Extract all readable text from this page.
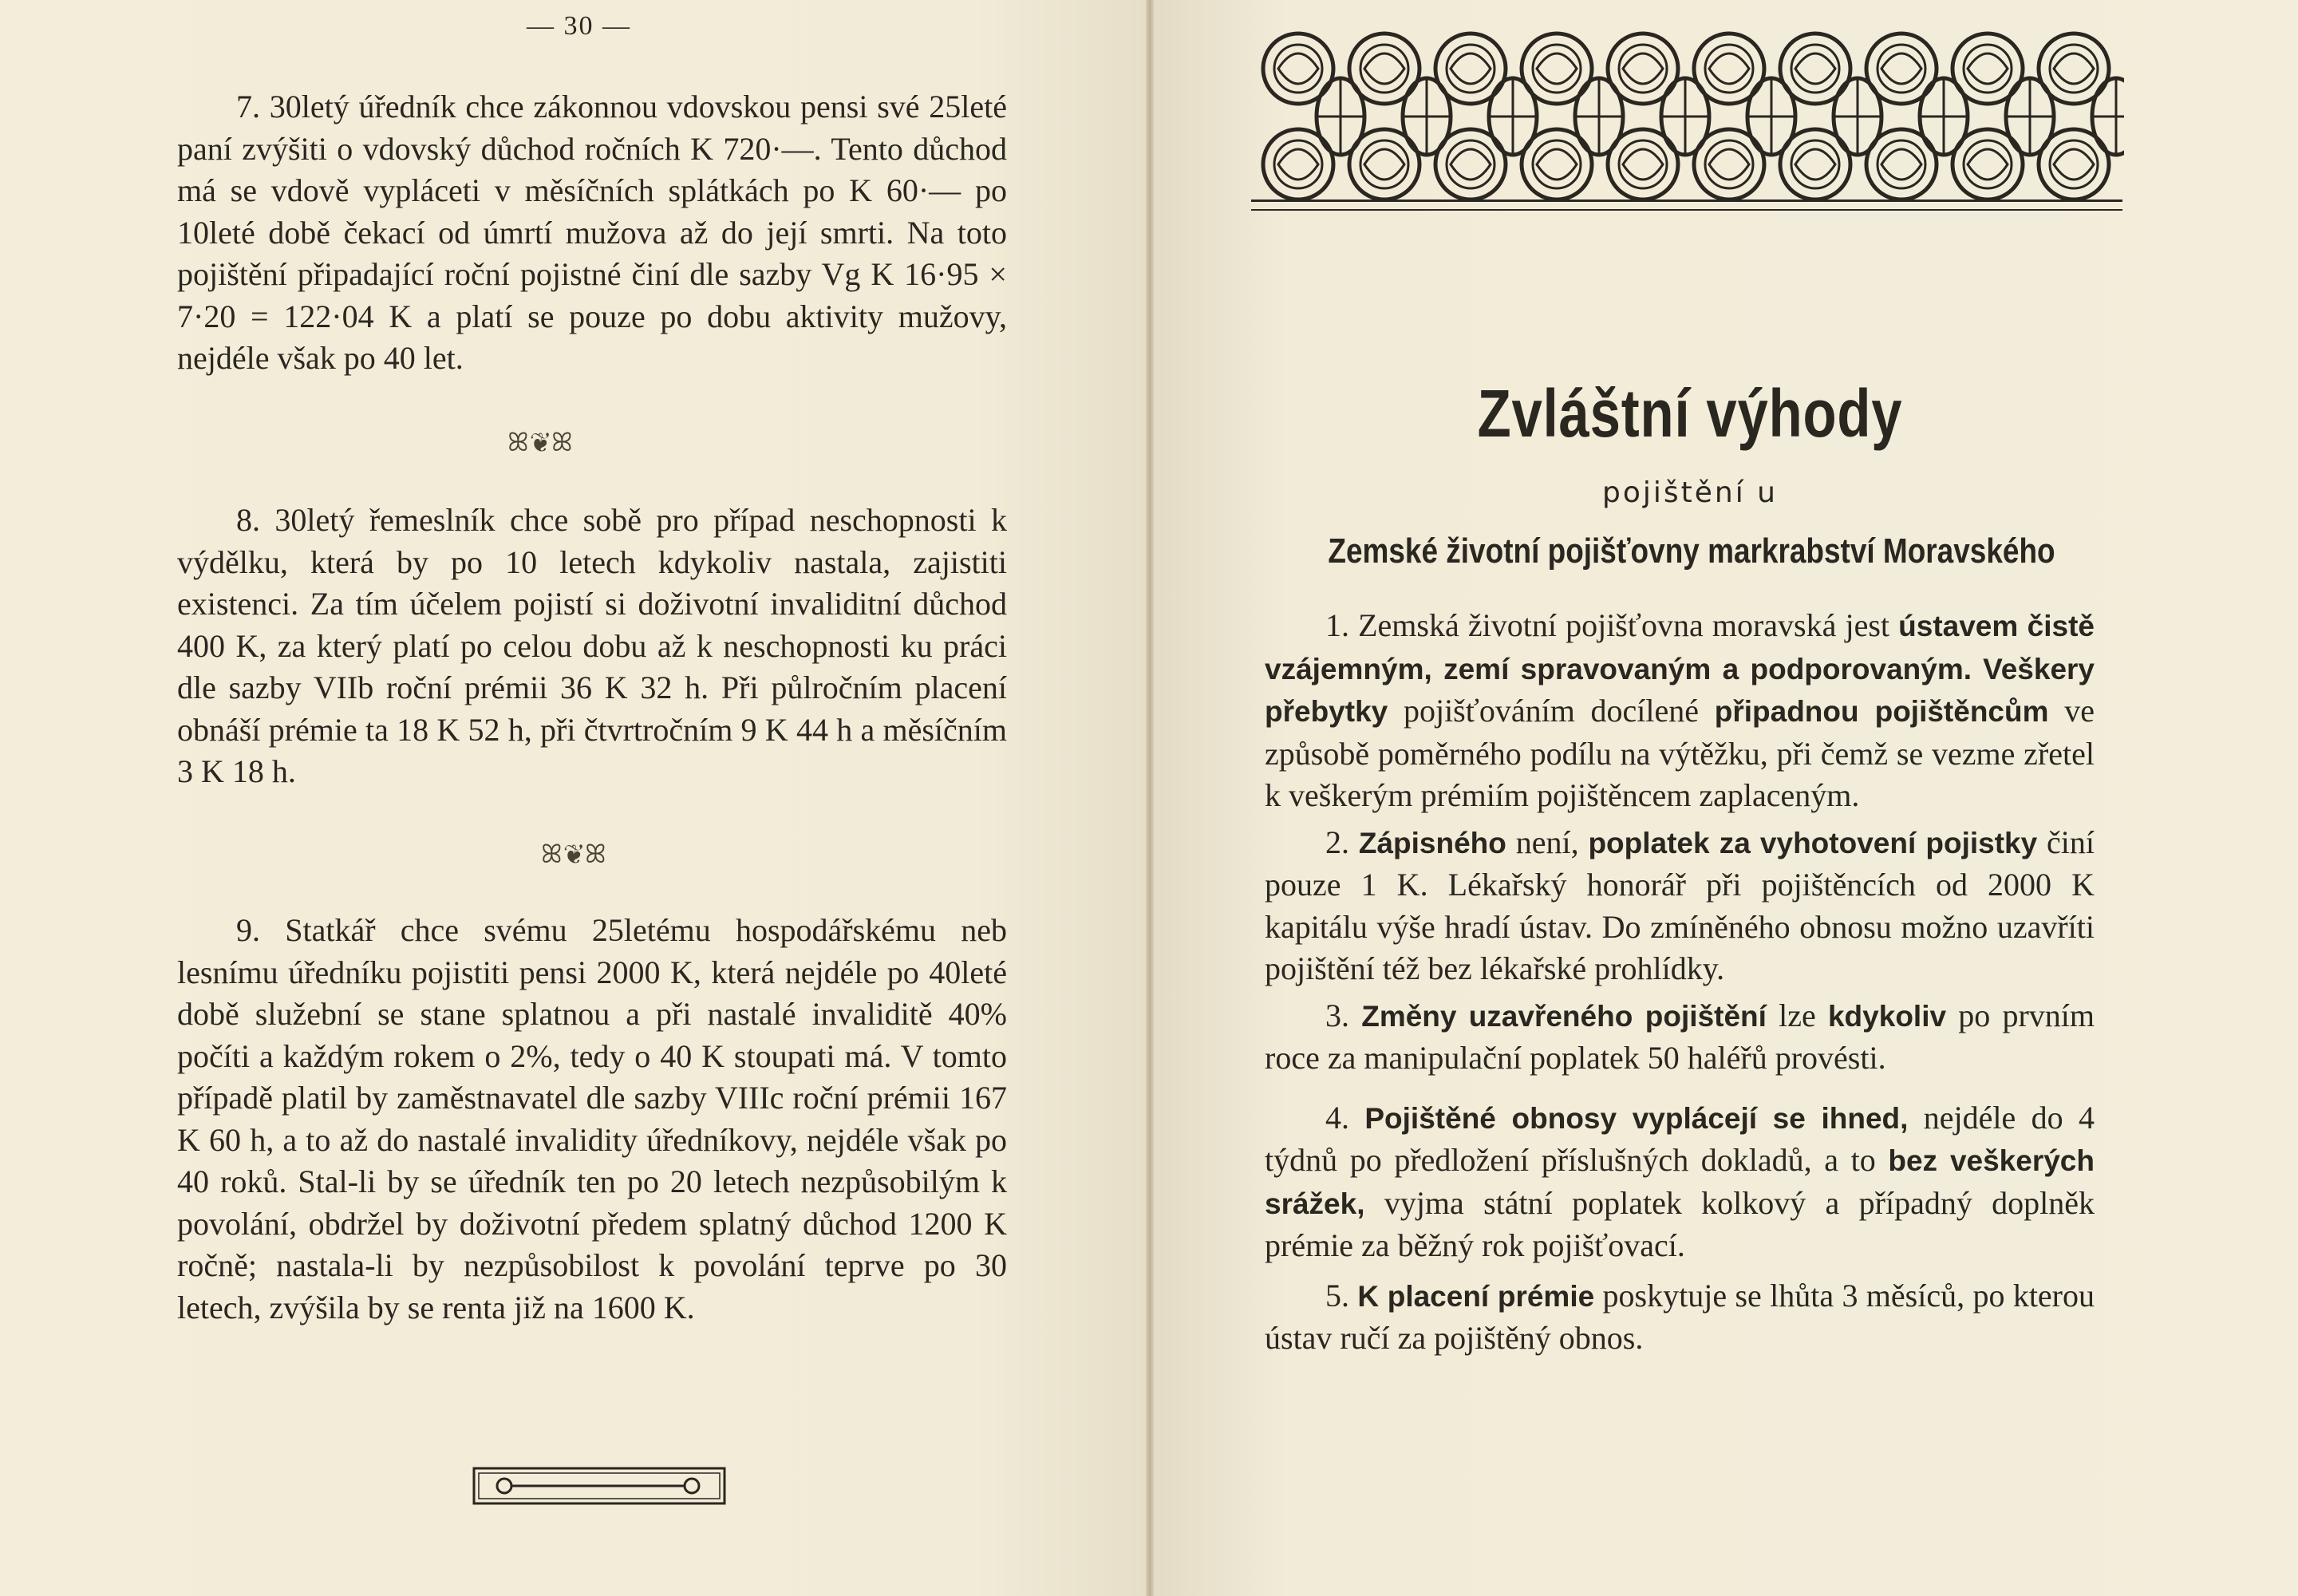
— 30 —

7. 30letý úředník chce zákonnou vdovskou pensi své 25leté paní zvýšiti o vdovský důchod ročních K 720·—. Tento důchod má se vdově vypláceti v měsíčních splátkách po K 60·— po 10leté době čekací od úmrtí mužova až do její smrti. Na toto pojištění připadající roční pojistné činí dle sazby Vg K 16·95 × 7·20 = 122·04 K a platí se pouze po dobu aktivity mužovy, nejdéle však po 40 let.

ꕤ❦ꕤ

8. 30letý řemeslník chce sobě pro případ neschopnosti k výdělku, která by po 10 letech kdykoliv nastala, zajistiti existenci. Za tím účelem pojistí si doživotní invaliditní důchod 400 K, za který platí po celou dobu až k neschopnosti ku práci dle sazby VIIb roční prémii 36 K 32 h. Při půlročním placení obnáší prémie ta 18 K 52 h, při čtvrtročním 9 K 44 h a měsíčním 3 K 18 h.

ꕤ❦ꕤ

9. Statkář chce svému 25letému hospodářskému neb lesnímu úředníku pojistiti pensi 2000 K, která nejdéle po 40leté době služební se stane splatnou a při nastalé invaliditě 40% počíti a každým rokem o 2%, tedy o 40 K stoupati má. V tomto případě platil by zaměstnavatel dle sazby VIIIc roční prémii 167 K 60 h, a to až do nastalé invalidity úředníkovy, nejdéle však po 40 roků. Stal-li by se úředník ten po 20 letech nezpůsobilým k povolání, obdržel by doživotní předem splatný důchod 1200 K ročně; nastala-li by nezpůsobilost k povolání teprve po 30 letech, zvýšila by se renta již na 1600 K.

Zvláštní výhody
pojištění u
Zemské životní pojišťovny markrabství Moravského

1. Zemská životní pojišťovna moravská jest ústavem čistě vzájemným, zemí spravovaným a podporovaným. Veškery přebytky pojišťováním docílené připadnou pojištěncům ve způsobě poměrného podílu na výtěžku, při čemž se vezme zřetel k veškerým prémiím pojištěncem zaplaceným.

2. Zápisného není, poplatek za vyhotovení pojistky činí pouze 1 K. Lékařský honorář při pojištěncích od 2000 K kapitálu výše hradí ústav. Do zmíněného obnosu možno uzavříti pojištění též bez lékařské prohlídky.

3. Změny uzavřeného pojištění lze kdykoliv po prvním roce za manipulační poplatek 50 haléřů provésti.

4. Pojištěné obnosy vyplácejí se ihned, nejdéle do 4 týdnů po předložení příslušných dokladů, a to bez veškerých srážek, vyjma státní poplatek kolkový a případný doplněk prémie za běžný rok pojišťovací.

5. K placení prémie poskytuje se lhůta 3 měsíců, po kterou ústav ručí za pojištěný obnos.
